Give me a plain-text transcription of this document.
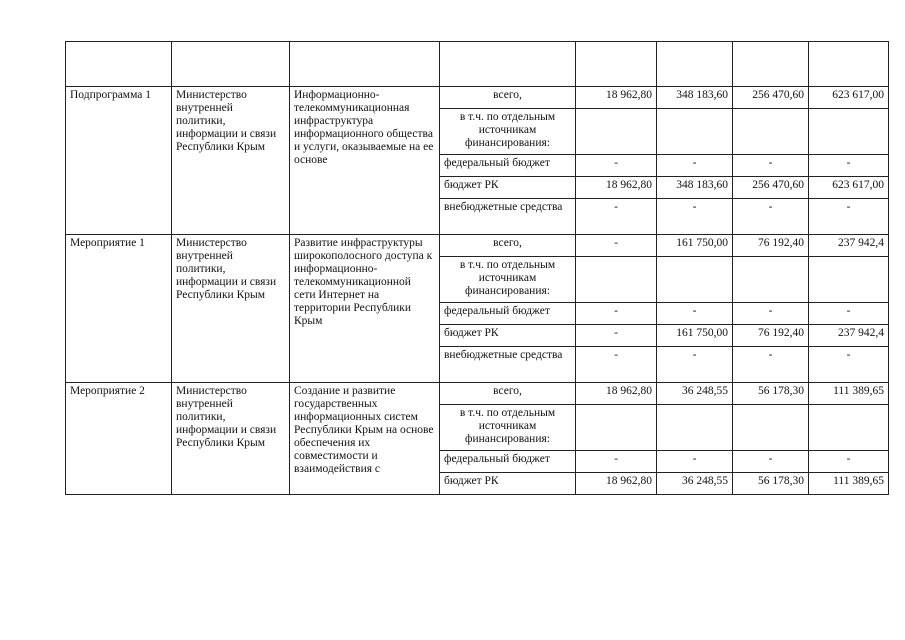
Подпрограмма 1	Министерство внутренней политики, информации и связи Республики Крым	Информационно-телекоммуникационная инфраструктура информационного общества и услуги, оказываемые на ее основе	всего,	18 962,80	348 183,60	256 470,60	623 617,00
			в т.ч. по отдельным источникам финансирования:				
			федеральный бюджет	-	-	-	-
			бюджет РК	18 962,80	348 183,60	256 470,60	623 617,00
			внебюджетные средства	-	-	-	-
Мероприятие 1	Министерство внутренней политики, информации и связи Республики Крым	Развитие инфраструктуры широкополосного доступа к информационно-телекоммуникационной сети Интернет на территории Республики Крым	всего,	-	161 750,00	76 192,40	237 942,4
			в т.ч. по отдельным источникам финансирования:				
			федеральный бюджет	-	-	-	-
			бюджет РК	-	161 750,00	76 192,40	237 942,4
			внебюджетные средства	-	-	-	-
Мероприятие 2	Министерство внутренней политики, информации и связи Республики Крым	Создание и развитие государственных информационных систем Республики Крым на основе обеспечения их совместимости и взаимодействия с	всего,	18 962,80	36 248,55	56 178,30	111 389,65
			в т.ч. по отдельным источникам финансирования:				
			федеральный бюджет	-	-	-	-
			бюджет РК	18 962,80	36 248,55	56 178,30	111 389,65
